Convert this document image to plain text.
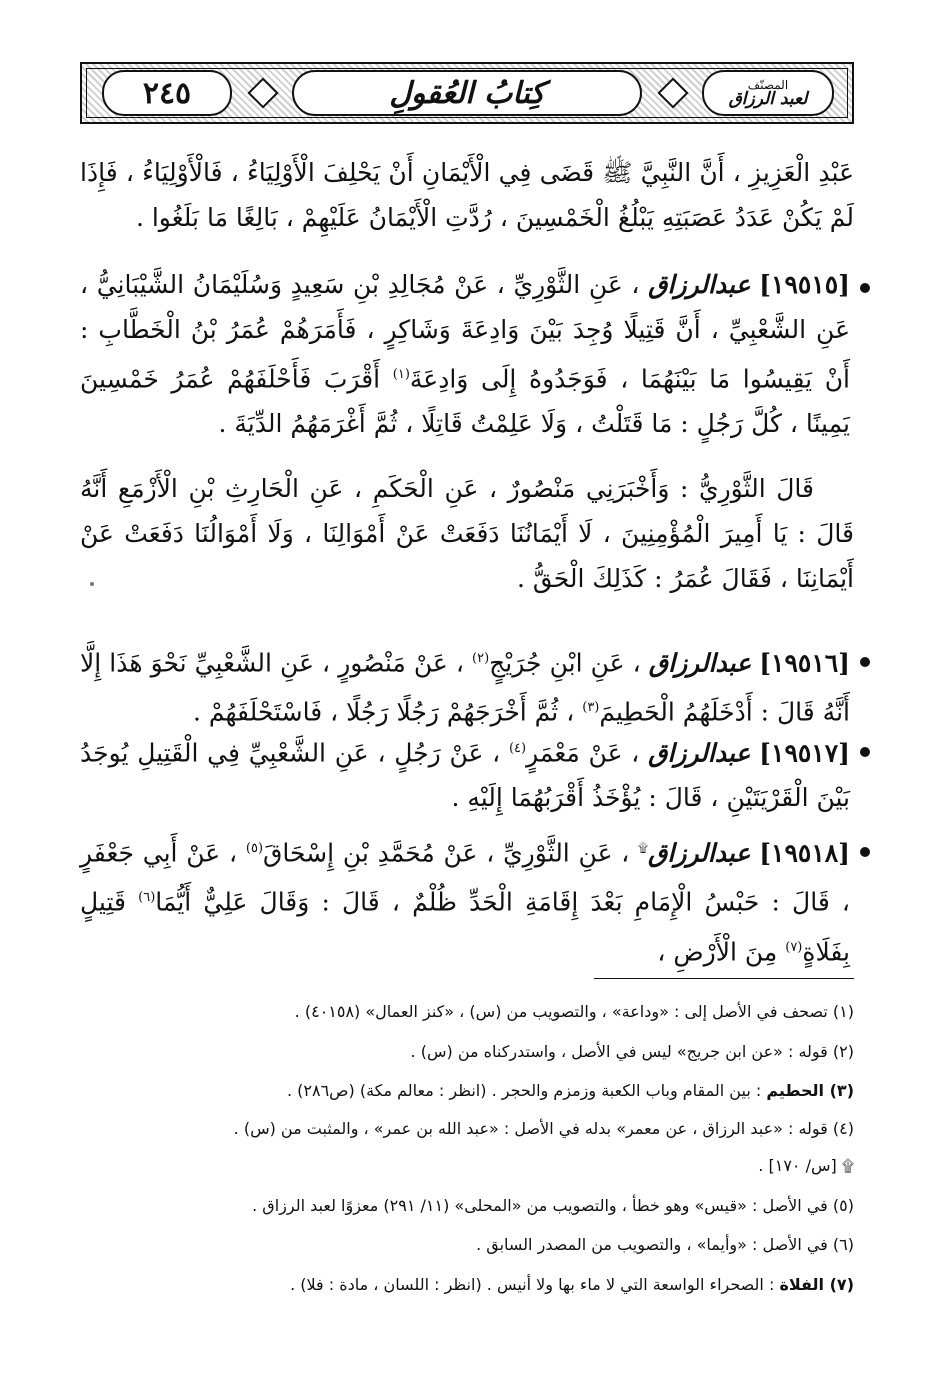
٢٤٥	كِتابُ العُقولِ	المصنّف
لعبد الرزاق

عَبْدِ الْعَزِيزِ ، أَنَّ النَّبِيَّ ﷺ قَضَى فِي الْأَيْمَانِ أَنْ يَحْلِفَ الْأَوْلِيَاءُ ، فَالْأَوْلِيَاءُ ، فَإِذَا لَمْ يَكُنْ عَدَدُ عَصَبَتِهِ يَبْلُغُ الْخَمْسِينَ ، رُدَّتِ الْأَيْمَانُ عَلَيْهِمْ ، بَالِغًا مَا بَلَغُوا .

[١٩٥١٥] عبدالرزاق ، عَنِ الثَّوْرِيِّ ، عَنْ مُجَالِدِ بْنِ سَعِيدٍ وَسُلَيْمَانُ الشَّيْبَانِيُّ ، عَنِ الشَّعْبِيِّ ، أَنَّ قَتِيلًا وُجِدَ بَيْنَ وَادِعَةَ وَشَاكِرٍ ، فَأَمَرَهُمْ عُمَرُ بْنُ الْخَطَّابِ : أَنْ يَقِيسُوا مَا بَيْنَهُمَا ، فَوَجَدُوهُ إِلَى وَادِعَةَ$^{(١)}$ أَقْرَبَ فَأَحْلَفَهُمْ عُمَرُ خَمْسِينَ يَمِينًا ، كُلَّ رَجُلٍ : مَا قَتَلْتُ ، وَلَا عَلِمْتُ قَاتِلًا ، ثُمَّ أَغْرَمَهُمُ الدِّيَةَ .

قَالَ الثَّوْرِيُّ : وَأَخْبَرَنِي مَنْصُورٌ ، عَنِ الْحَكَمِ ، عَنِ الْحَارِثِ بْنِ الْأَزْمَعِ أَنَّهُ قَالَ : يَا أَمِيرَ الْمُؤْمِنِينَ ، لَا أَيْمَانُنَا دَفَعَتْ عَنْ أَمْوَالِنَا ، وَلَا أَمْوَالُنَا دَفَعَتْ عَنْ أَيْمَانِنَا ، فَقَالَ عُمَرُ : كَذَلِكَ الْحَقُّ .

[١٩٥١٦] عبدالرزاق ، عَنِ ابْنِ جُرَيْجٍ$^{(٢)}$ ، عَنْ مَنْصُورٍ ، عَنِ الشَّعْبِيِّ نَحْوَ هَذَا إِلَّا أَنَّهُ قَالَ : أَدْخَلَهُمُ الْحَطِيمَ$^{(٣)}$ ، ثُمَّ أَخْرَجَهُمْ رَجُلًا رَجُلًا ، فَاسْتَحْلَفَهُمْ .

[١٩٥١٧] عبدالرزاق ، عَنْ مَعْمَرٍ$^{(٤)}$ ، عَنْ رَجُلٍ ، عَنِ الشَّعْبِيِّ فِي الْقَتِيلِ يُوجَدُ بَيْنَ الْقَرْيَتَيْنِ ، قَالَ : يُؤْخَذُ أَقْرَبُهُمَا إِلَيْهِ .

[١٩٥١٨] عبدالرزاق۩ ، عَنِ الثَّوْرِيِّ ، عَنْ مُحَمَّدِ بْنِ إِسْحَاقَ$^{(٥)}$ ، عَنْ أَبِي جَعْفَرٍ ، قَالَ : حَبْسُ الْإِمَامِ بَعْدَ إِقَامَةِ الْحَدِّ ظُلْمٌ ، قَالَ : وَقَالَ عَلِيٌّ أَيُّمَا$^{(٦)}$ قَتِيلٍ بِفَلَاةٍ$^{(٧)}$ مِنَ الْأَرْضِ ،

(١) تصحف في الأصل إلى : «وداعة» ، والتصويب من (س) ، «كنز العمال» (٤٠١٥٨) .

(٢) قوله : «عن ابن جريج» ليس في الأصل ، واستدركناه من (س) .

(٣) الحطيم : بين المقام وباب الكعبة وزمزم والحجر . (انظر : معالم مكة) (ص٢٨٦) .

(٤) قوله : «عبد الرزاق ، عن معمر» بدله في الأصل : «عبد الله بن عمر» ، والمثبت من (س) .

۩ [س/ ١٧٠] .

(٥) في الأصل : «قيس» وهو خطأ ، والتصويب من «المحلى» (١١/ ٢٩١) معزوًا لعبد الرزاق .

(٦) في الأصل : «وأيما» ، والتصويب من المصدر السابق .

(٧) الفلاة : الصحراء الواسعة التي لا ماء بها ولا أنيس . (انظر : اللسان ، مادة : فلا) .
